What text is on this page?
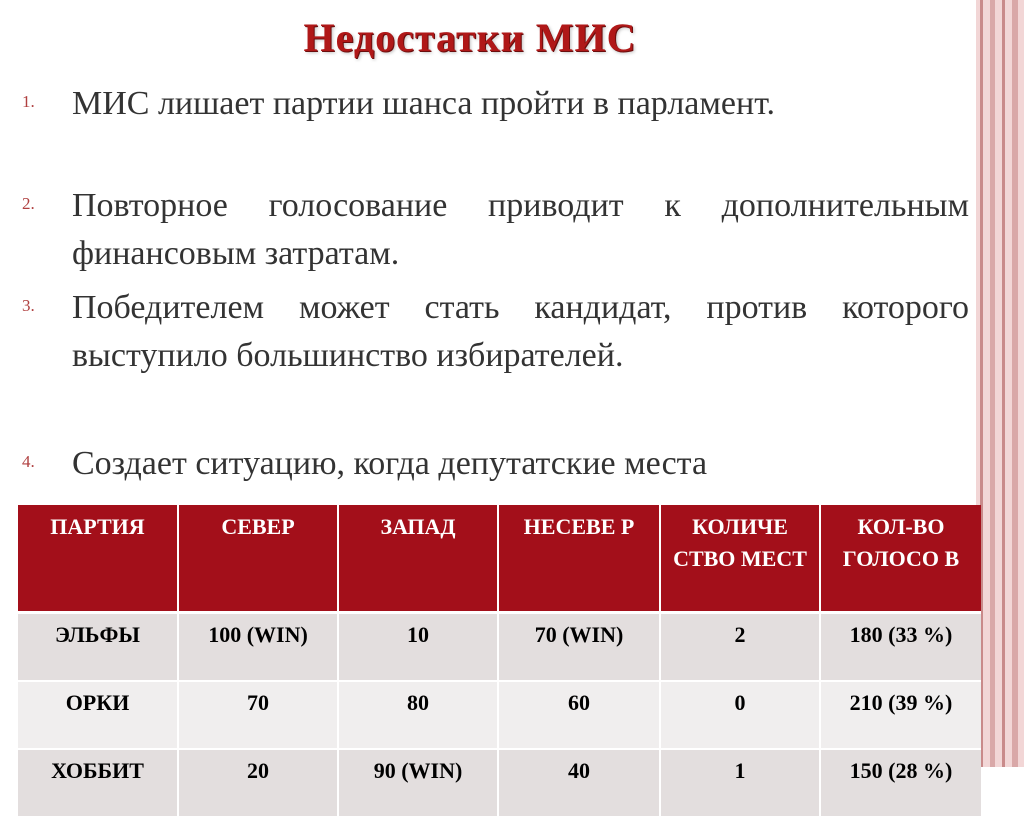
Недостатки МИС
1. МИС лишает партии шанса пройти в парламент.
2. Повторное голосование приводит к дополнительным финансовым затратам.
3. Победителем может стать кандидат, против которого выступило большинство избирателей.
4. Создает ситуацию, когда депутатские места
ПАРТИЯ	СЕВЕР	ЗАПАД	НЕСЕВЕ Р	КОЛИЧЕ СТВО МЕСТ	КОЛ-ВО ГОЛОСО В
ЭЛЬФЫ	100 (WIN)	10	70 (WIN)	2	180 (33 %)
ОРКИ	70	80	60	0	210 (39 %)
ХОББИТ	20	90 (WIN)	40	1	150 (28 %)
